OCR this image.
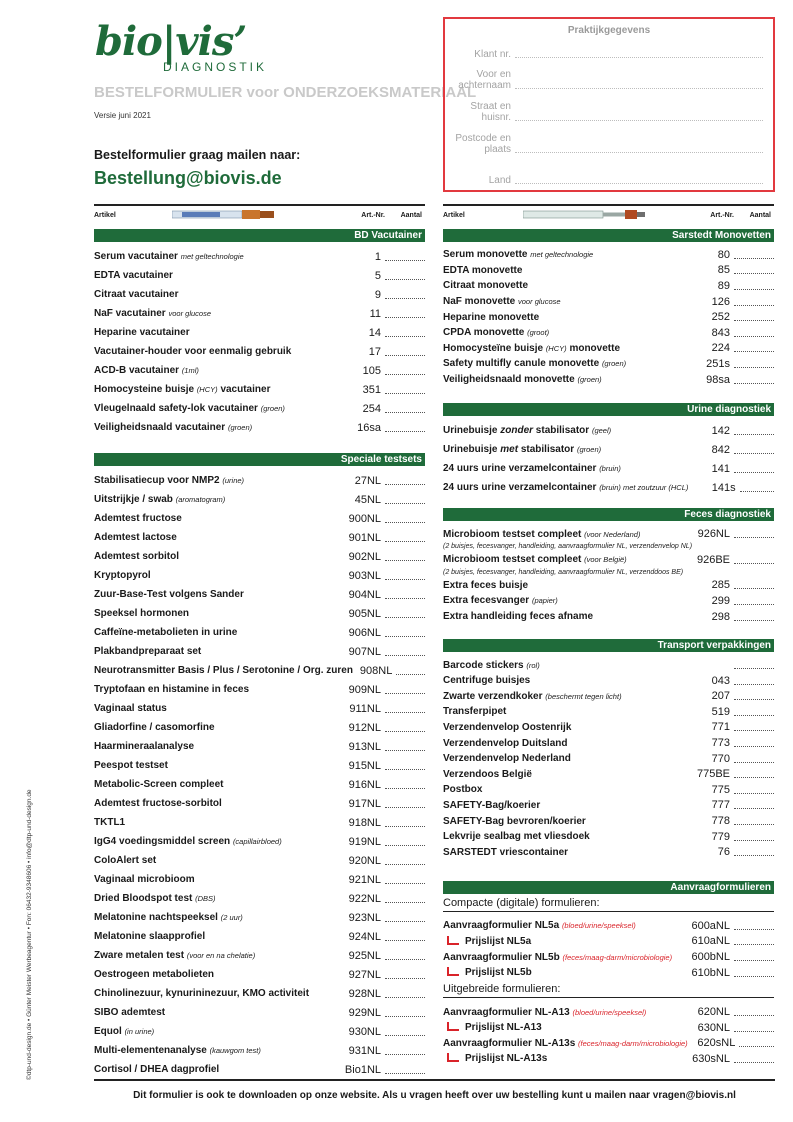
bio|vis’
DIAGNOSTIK
BESTELFORMULIER voor ONDERZOEKSMATERIAAL
Versie juni 2021
Bestelformulier graag mailen naar:
Bestellung@biovis.de
Praktijkgegevens
Klant nr.
Voor en achternaam
Straat en huisnr.
Postcode en plaats
Land
Artikel	Art.-Nr. Aantal
BD Vacutainer
Serum vacutainer met geltechnologie	1
EDTA vacutainer	5
Citraat vacutainer	9
NaF vacutainer voor glucose	11
Heparine vacutainer	14
Vacutainer-houder voor eenmalig gebruik	17
ACD-B vacutainer (1ml)	105
Homocysteine buisje (HCY) vacutainer	351
Vleugelnaald safety-lok vacutainer (groen)	254
Veiligheidsnaald vacutainer (groen)	16sa
Speciale testsets
Stabilisatiecup voor NMP2 (urine)	27NL
Uitstrijkje / swab (aromatogram)	45NL
Ademtest fructose	900NL
Ademtest lactose	901NL
Ademtest sorbitol	902NL
Kryptopyrol	903NL
Zuur-Base-Test volgens Sander	904NL
Speeksel hormonen	905NL
Caffeïne-metabolieten in urine	906NL
Plakbandpreparaat set	907NL
Neurotransmitter Basis / Plus / Serotonine / Org. zuren 908NL
Tryptofaan en histamine in feces	909NL
Vaginaal status	911NL
Gliadorfine / casomorfine	912NL
Haarmineraalanalyse	913NL
Peespot testset	915NL
Metabolic-Screen compleet	916NL
Ademtest fructose-sorbitol	917NL
TKTL1	918NL
IgG4 voedingsmiddel screen (capillairbloed)	919NL
ColoAlert set	920NL
Vaginaal microbioom	921NL
Dried Bloodspot test (DBS)	922NL
Melatonine nachtspeeksel (2 uur)	923NL
Melatonine slaapprofiel	924NL
Zware metalen test (voor en na chelatie)	925NL
Oestrogeen metabolieten	927NL
Chinolinezuur, kynurininezuur, KMO activiteit	928NL
SIBO ademtest	929NL
Equol (in urine)	930NL
Multi-elementenanalyse (kauwgom test)	931NL
Cortisol / DHEA dagprofiel	Bio1NL
Artikel	Art.-Nr. Aantal
Sarstedt Monovetten
Serum monovette met geltechnologie	80
EDTA monovette	85
Citraat monovette	89
NaF monovette voor glucose	126
Heparine monovette	252
CPDA monovette (groot)	843
Homocysteïne buisje (HCY) monovette	224
Safety multifly canule monovette (groen)	251s
Veiligheidsnaald monovette (groen)	98sa
Urine diagnostiek
Urinebuisje zonder stabilisator (geel)	142
Urinebuisje met stabilisator (groen)	842
24 uurs urine verzamelcontainer (bruin)	141
24 uurs urine verzamelcontainer (bruin) met zoutzuur (HCL)	141s
Feces diagnostiek
Microbioom testset compleet (voor Nederland)	926NL
(2 buisjes, fecesvanger, handleiding, aanvraagformulier NL, verzendenvelop NL)
Microbioom testset compleet (voor België)	926BE
(2 buisjes, fecesvanger, handleiding, aanvraagformulier NL, verzenddoos BE)
Extra feces buisje	285
Extra fecesvanger (papier)	299
Extra handleiding feces afname	298
Transport verpakkingen
Barcode stickers (rol)
Centrifuge buisjes	043
Zwarte verzendkoker (beschermt tegen licht)	207
Transferpipet	519
Verzendenvelop Oostenrijk	771
Verzendenvelop Duitsland	773
Verzendenvelop Nederland	770
Verzendoos België	775BE
Postbox	775
SAFETY-Bag/koerier	777
SAFETY-Bag bevroren/koerier	778
Lekvrije sealbag met vliesdoek	779
SARSTEDT vriescontainer	76
Aanvraagformulieren
Compacte (digitale) formulieren:
Aanvraagformulier NL5a (bloed/urine/speeksel)	600aNL
Prijslijst NL5a	610aNL
Aanvraagformulier NL5b (feces/maag-darm/microbiologie)	600bNL
Prijslijst NL5b	610bNL
Uitgebreide formulieren:
Aanvraagformulier NL-A13 (bloed/urine/speeksel)	620NL
Prijslijst NL-A13	630NL
Aanvraagformulier NL-A13s (feces/maag-darm/microbiologie) 620sNL
Prijslijst NL-A13s	630sNL
Dit formulier is ook te downloaden op onze website. Als u vragen heeft over uw bestelling kunt u mailen naar vragen@biovis.nl
©dtp-und-design.de • Günter Meister Werbeagentur • Fon: 06432-9348606 • info@dtp-und-design.de
